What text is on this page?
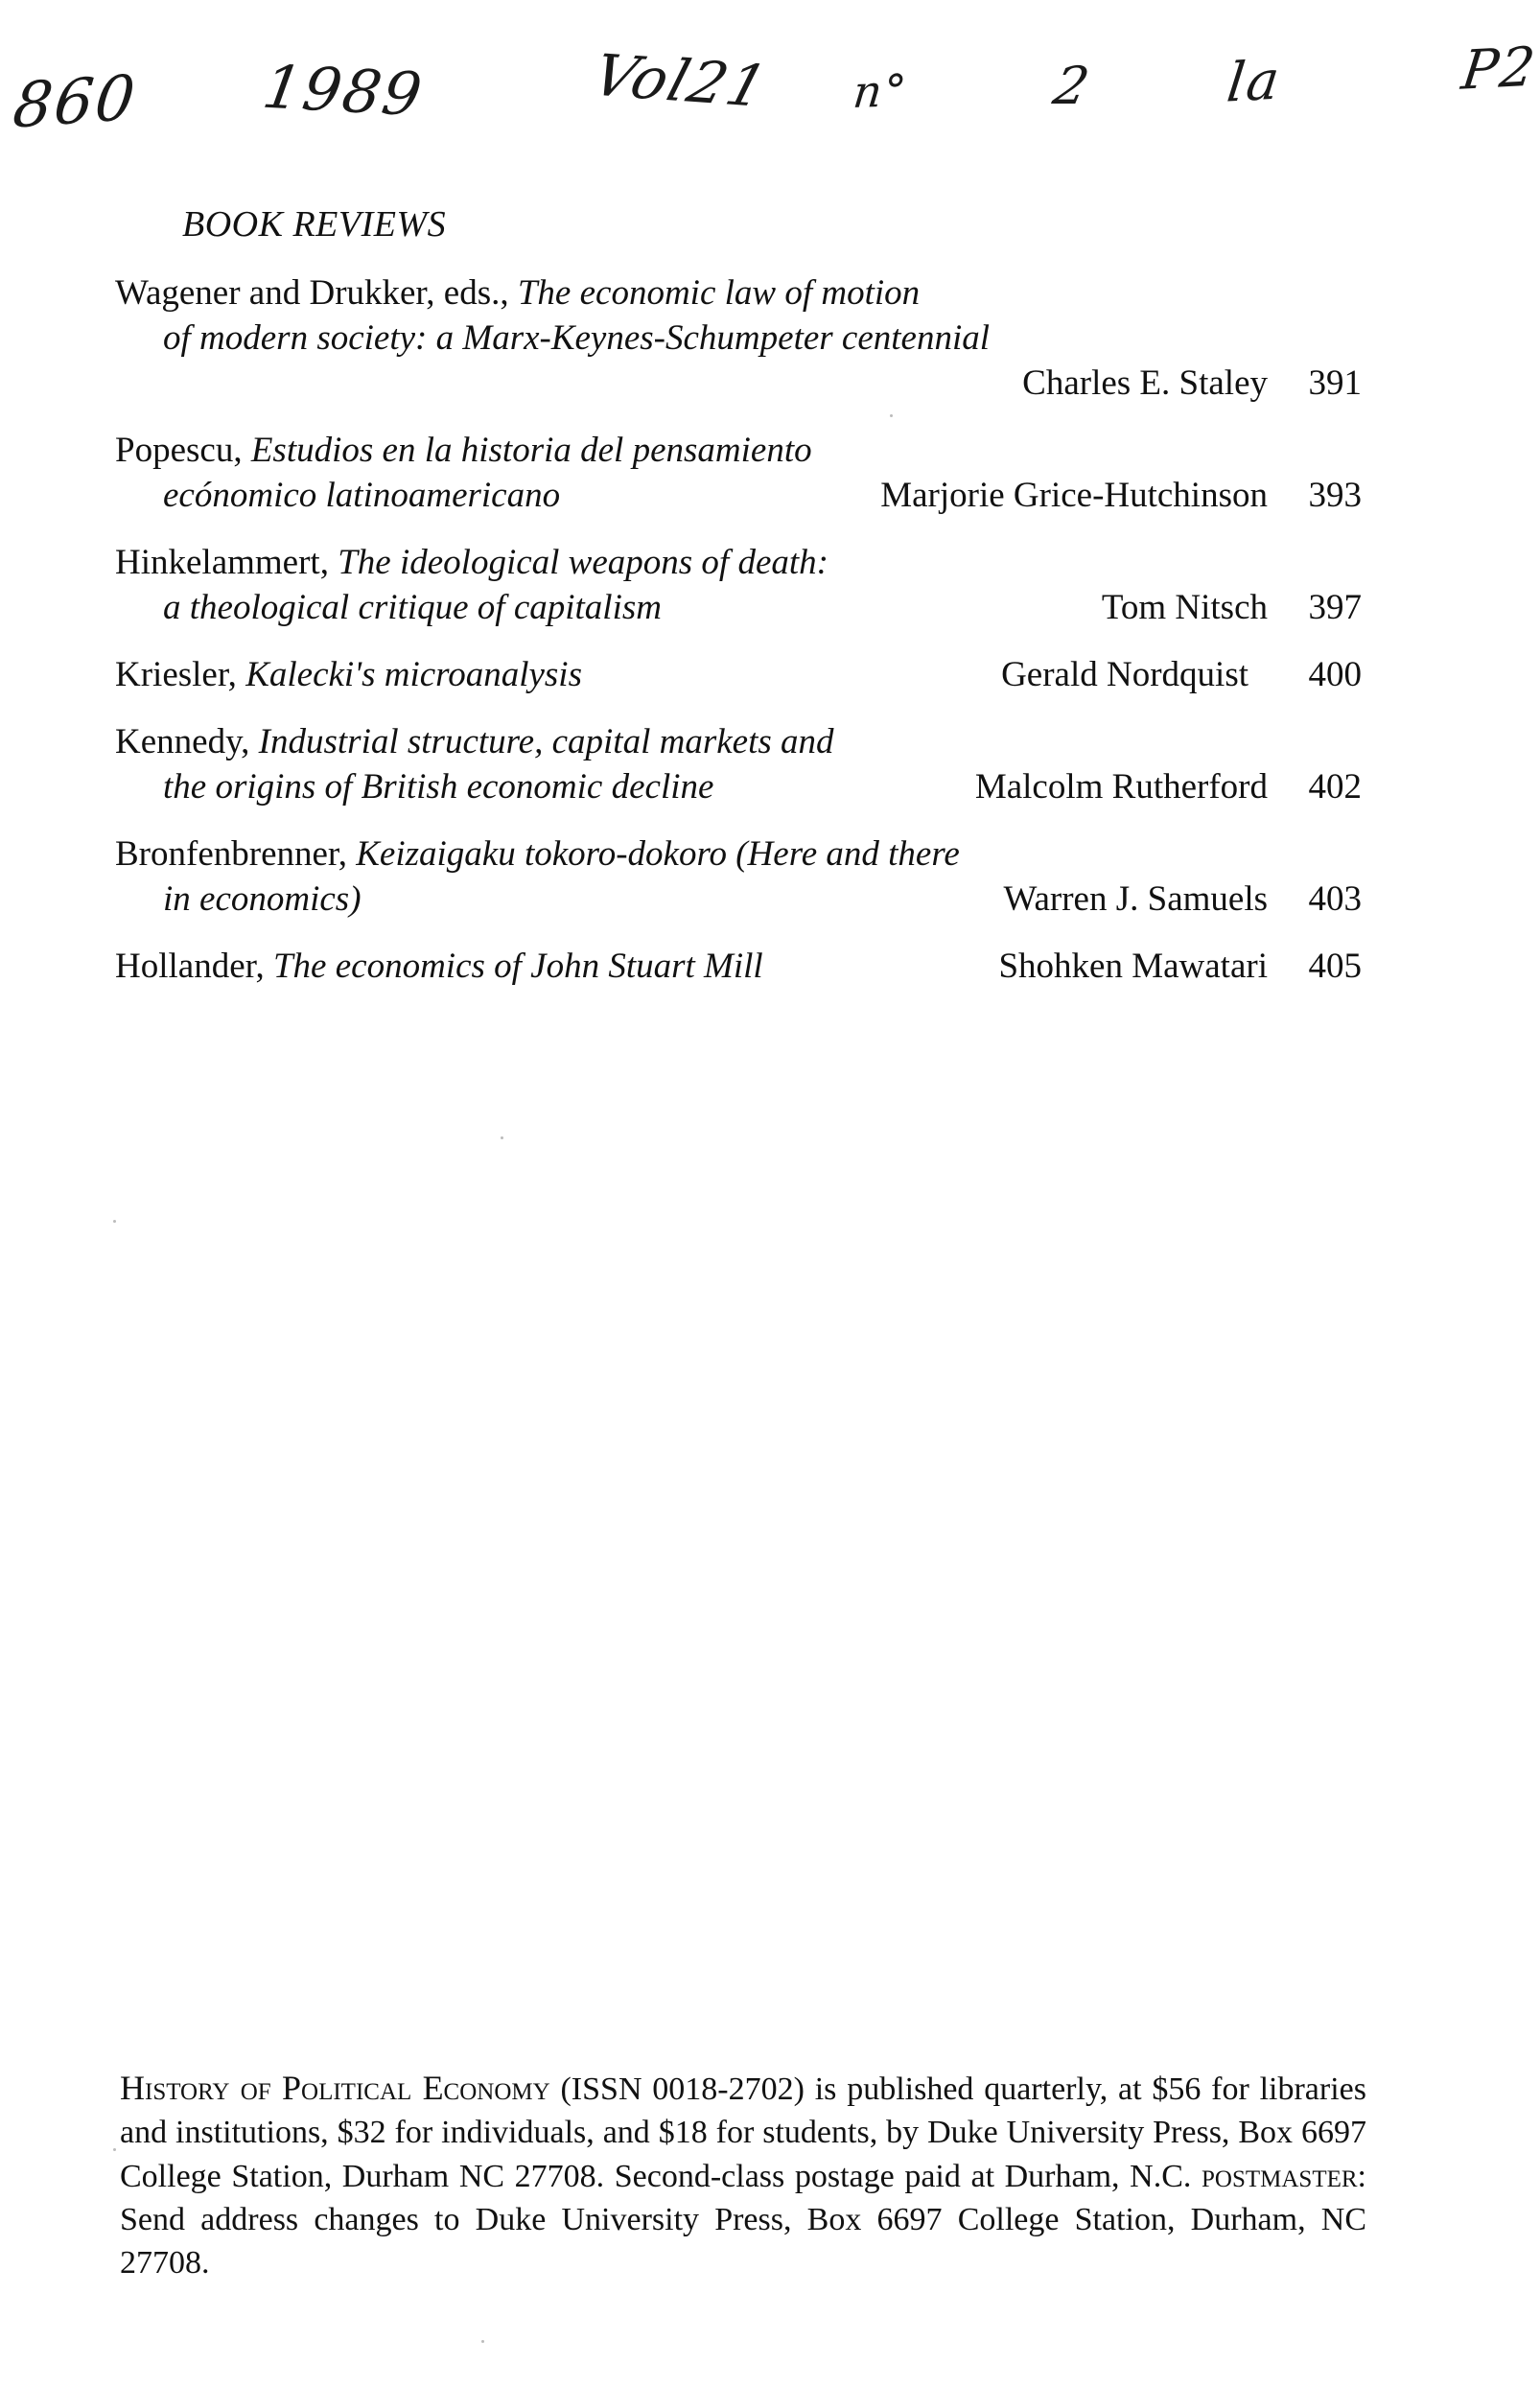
860 1989	Vol21 n°	2 la	P2
BOOK REVIEWS
Wagener and Drukker, eds., The economic law of motion
of modern society: a Marx-Keynes-Schumpeter centennial
Charles E. Staley 391
Popescu, Estudios en la historia del pensamiento
ecónomico latinoamericano	Marjorie Grice-Hutchinson 393
Hinkelammert, The ideological weapons of death:
a theological critique of capitalism	Tom Nitsch 397
Kriesler, Kalecki's microanalysis	Gerald Nordquist 400
Kennedy, Industrial structure, capital markets and
the origins of British economic decline	Malcolm Rutherford 402
Bronfenbrenner, Keizaigaku tokoro-dokoro (Here and there
in economics)	Warren J. Samuels 403
Hollander, The economics of John Stuart Mill	Shohken Mawatari 405
History of Political Economy (ISSN 0018-2702) is published quarterly, at $56 for libraries and institutions, $32 for individuals, and $18 for students, by Duke University Press, Box 6697 College Station, Durham NC 27708. Second-class postage paid at Durham, N.C. postmaster: Send address changes to Duke University Press, Box 6697 College Station, Durham, NC 27708.
